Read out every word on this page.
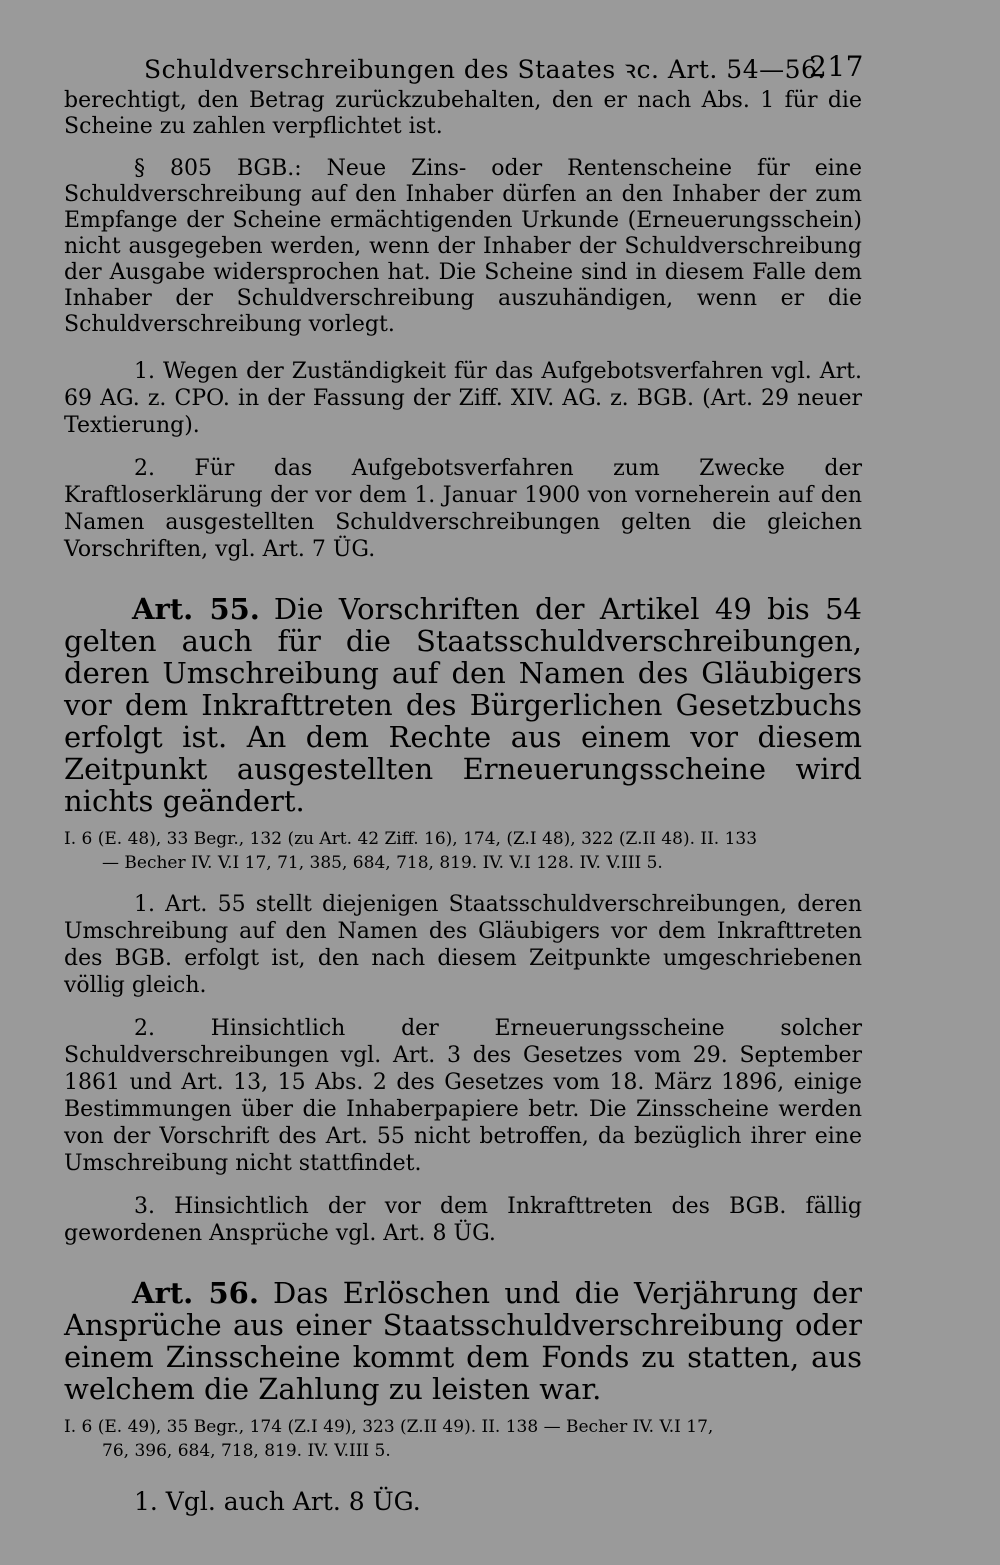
Schuldverschreibungen des Staates ꝛc. Art. 54—56.
217

berechtigt, den Betrag zurückzubehalten, den er nach Abs. 1 für die Scheine zu zahlen verpflichtet ist.

§ 805 BGB.: Neue Zins- oder Rentenscheine für eine Schuldverschreibung auf den Inhaber dürfen an den Inhaber der zum Empfange der Scheine ermächtigenden Urkunde (Erneuerungsschein) nicht ausgegeben werden, wenn der Inhaber der Schuldverschreibung der Ausgabe widersprochen hat. Die Scheine sind in diesem Falle dem Inhaber der Schuldverschreibung auszuhändigen, wenn er die Schuldverschreibung vorlegt.

1. Wegen der Zuständigkeit für das Aufgebotsverfahren vgl. Art. 69 AG. z. CPO. in der Fassung der Ziff. XIV. AG. z. BGB. (Art. 29 neuer Textierung).

2. Für das Aufgebotsverfahren zum Zwecke der Kraftloserklärung der vor dem 1. Januar 1900 von vorneherein auf den Namen ausgestellten Schuldverschreibungen gelten die gleichen Vorschriften, vgl. Art. 7 ÜG.

Art. 55. Die Vorschriften der Artikel 49 bis 54 gelten auch für die Staatsschuldverschreibungen, deren Umschreibung auf den Namen des Gläubigers vor dem Inkrafttreten des Bürgerlichen Gesetzbuchs erfolgt ist. An dem Rechte aus einem vor diesem Zeitpunkt ausgestellten Erneuerungsscheine wird nichts geändert.

I. 6 (E. 48), 33 Begr., 132 (zu Art. 42 Ziff. 16), 174, (Z.I 48), 322 (Z.II 48). II. 133
— Becher IV. V.I 17, 71, 385, 684, 718, 819. IV. V.I 128. IV. V.III 5.

1. Art. 55 stellt diejenigen Staatsschuldverschreibungen, deren Umschreibung auf den Namen des Gläubigers vor dem Inkrafttreten des BGB. erfolgt ist, den nach diesem Zeitpunkte umgeschriebenen völlig gleich.

2. Hinsichtlich der Erneuerungsscheine solcher Schuldverschreibungen vgl. Art. 3 des Gesetzes vom 29. September 1861 und Art. 13, 15 Abs. 2 des Gesetzes vom 18. März 1896, einige Bestimmungen über die Inhaberpapiere betr. Die Zinsscheine werden von der Vorschrift des Art. 55 nicht betroffen, da bezüglich ihrer eine Umschreibung nicht stattfindet.

3. Hinsichtlich der vor dem Inkrafttreten des BGB. fällig gewordenen Ansprüche vgl. Art. 8 ÜG.

Art. 56. Das Erlöschen und die Verjährung der Ansprüche aus einer Staatsschuldverschreibung oder einem Zinsscheine kommt dem Fonds zu statten, aus welchem die Zahlung zu leisten war.

I. 6 (E. 49), 35 Begr., 174 (Z.I 49), 323 (Z.II 49). II. 138 — Becher IV. V.I 17,
76, 396, 684, 718, 819. IV. V.III 5.

1. Vgl. auch Art. 8 ÜG.
